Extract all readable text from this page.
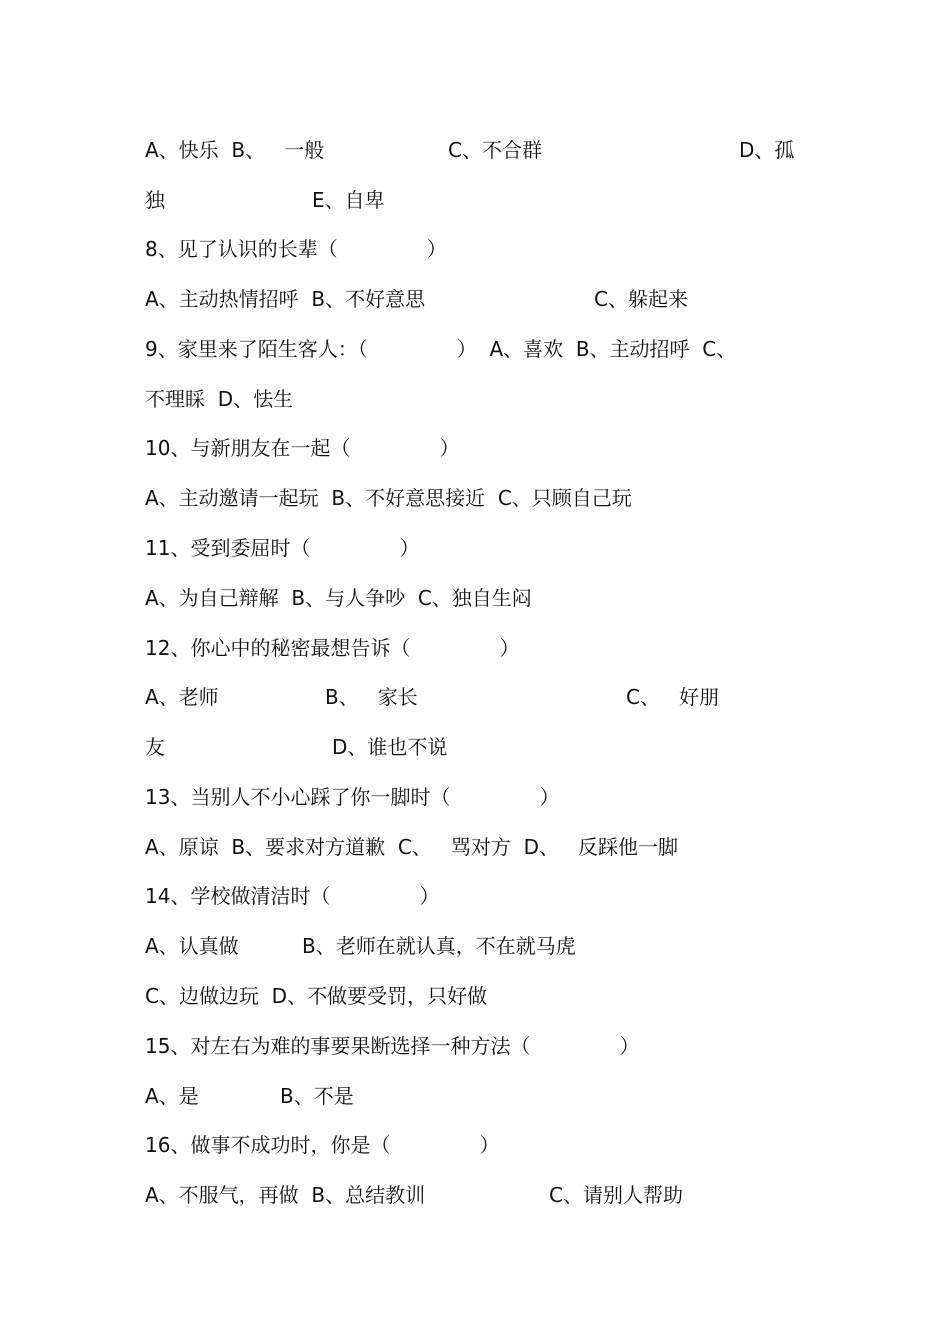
A、快乐  B、   一般	C、不合群	D、孤
独	E、自卑
8、见了认识的长辈（              ）
A、主动热情招呼  B、不好意思	C、躲起来
9、家里来了陌生客人：（              ）  A、喜欢  B、主动招呼  C、
不理睬  D、怯生
10、与新朋友在一起（              ）
A、主动邀请一起玩  B、不好意思接近  C、只顾自己玩
11、受到委屈时（              ）
A、为自己辩解  B、与人争吵  C、独自生闷
12、你心中的秘密最想告诉（              ）
A、老师	B、   家长	C、   好朋
友	D、谁也不说
13、当别人不小心踩了你一脚时（              ）
A、原谅  B、要求对方道歉  C、   骂对方  D、   反踩他一脚
14、学校做清洁时（              ）
A、认真做	B、老师在就认真，不在就马虎
C、边做边玩  D、不做要受罚，只好做
15、对左右为难的事要果断选择一种方法（              ）
A、是	B、不是
16、做事不成功时，你是（              ）
A、不服气，再做  B、总结教训	C、请别人帮助
